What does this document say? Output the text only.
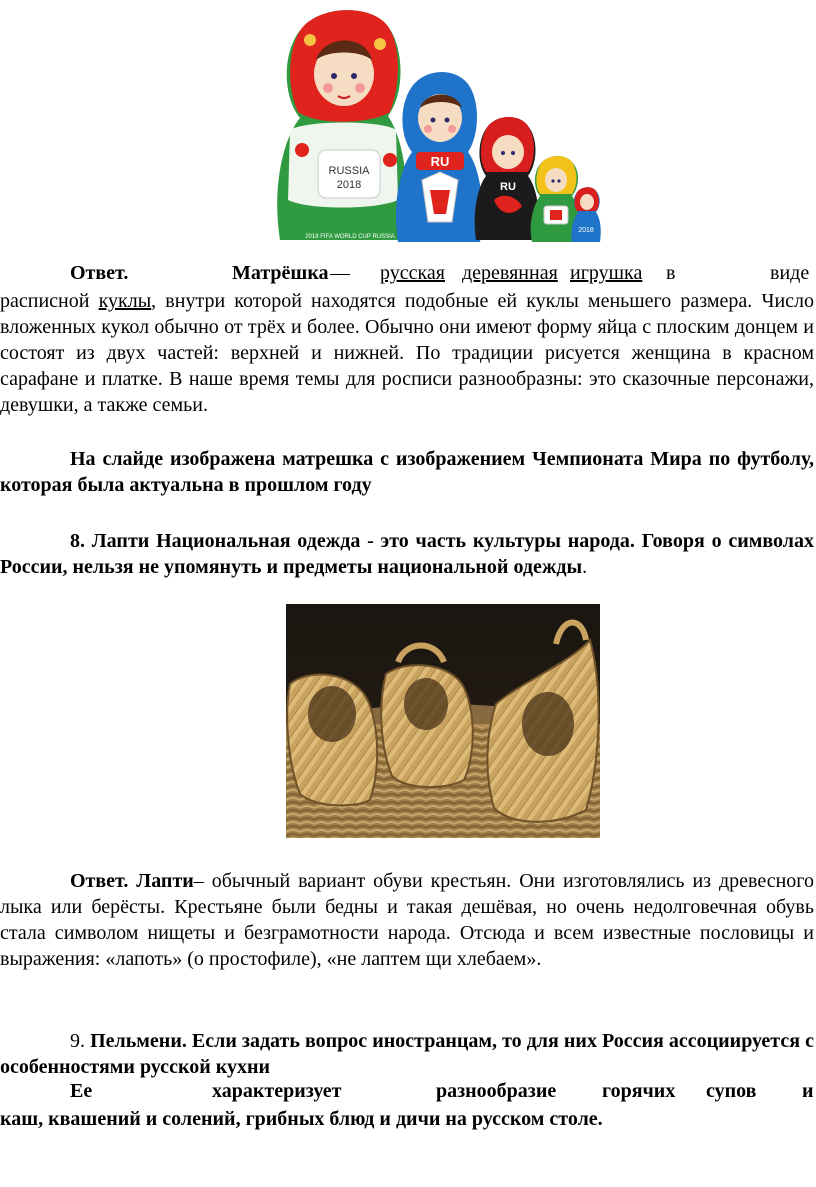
RUSSIA
2018
2018 FIFA WORLD CUP RUSSIA
RU
RU
2018
Ответ.	Матрёшка — русская деревянная игрушка в	виде

расписной куклы, внутри которой находятся подобные ей куклы меньшего размера. Число вложенных кукол обычно от трёх и более. Обычно они имеют форму яйца с плоским донцем и состоят из двух частей: верхней и нижней. По традиции рисуется женщина в красном сарафане и платке. В наше время темы для росписи разнообразны: это сказочные персонажи, девушки, а также семьи.

На слайде изображена матрешка с изображением Чемпионата Мира по футболу, которая была актуальна в прошлом году

8. Лапти Национальная одежда - это часть культуры народа. Говоря о символах России, нельзя не упомянуть и предметы национальной одежды.

Ответ. Лапти– обычный вариант обуви крестьян. Они изготовлялись из древесного лыка или берёсты. Крестьяне были бедны и такая дешёвая, но очень недолговечная обувь стала символом нищеты и безграмотности народа. Отсюда и всем известные пословицы и выражения: «лапоть» (о простофиле), «не лаптем щи хлебаем».

9. Пельмени. Если задать вопрос иностранцам, то для них Россия ассоциируется с особенностями русской кухни

Ее	характеризует	разнообразие горячих супов и

каш, квашений и солений, грибных блюд и дичи на русском столе.
